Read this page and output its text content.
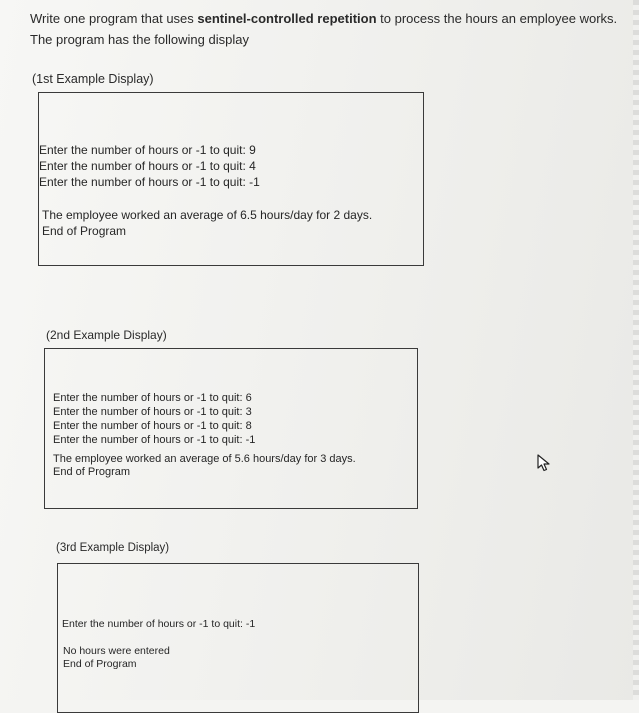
Write one program that uses sentinel-controlled repetition to process the hours an employee works.
The program has the following display
(1st Example Display)
Enter the number of hours or -1 to quit: 9
Enter the number of hours or -1 to quit: 4
Enter the number of hours or -1 to quit: -1
The employee worked an average of 6.5 hours/day for 2 days.
End of Program
(2nd Example Display)
Enter the number of hours or -1 to quit: 6
Enter the number of hours or -1 to quit: 3
Enter the number of hours or -1 to quit: 8
Enter the number of hours or -1 to quit: -1
The employee worked an average of 5.6 hours/day for 3 days.
End of Program
(3rd Example Display)
Enter the number of hours or -1 to quit: -1
No hours were entered
End of Program
